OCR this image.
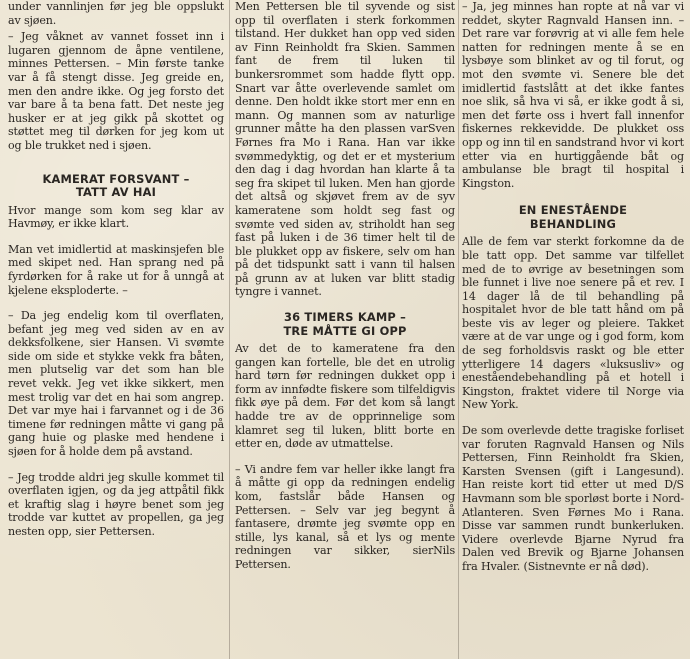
under vannlinjen før jeg ble oppslukt av sjøen.

– Jeg våknet av vannet fosset inn i lugaren gjennom de åpne ventilene, minnes Pettersen. – Min første tanke var å få stengt disse. Jeg greide en, men den andre ikke. Og jeg forsto det var bare å ta bena fatt. Det neste jeg husker er at jeg gikk på skottet og støttet meg til dørken for jeg kom ut og ble trukket ned i sjøen.

KAMERAT FORSVANT –
TATT AV HAI

Hvor mange som kom seg klar av Havmøy, er ikke klart.

Man vet imidlertid at maskinsjefen ble med skipet ned. Han sprang ned på fyrdørken for å rake ut for å unngå at kjelene eksploderte. –

– Da jeg endelig kom til overflaten, befant jeg meg ved siden av en av dekksfolkene, sier Hansen. Vi svømte side om side et stykke vekk fra båten, men plutselig var det som han ble revet vekk. Jeg vet ikke sikkert, men mest trolig var det en hai som angrep. Det var mye hai i farvannet og i de 36 timene før redningen måtte vi gang på gang huie og plaske med hendene i sjøen for å holde dem på avstand.

– Jeg trodde aldri jeg skulle kommet til overflaten igjen, og da jeg attpåtil fikk et kraftig slag i høyre benet som jeg trodde var kuttet av propellen, ga jeg nesten opp, sier Pettersen.

Men Pettersen ble til syvende og sist opp til overflaten i sterk forkommen tilstand. Her dukket han opp ved siden av Finn Reinholdt fra Skien. Sammen fant de frem til luken til bunkersrommet som hadde flytt opp. Snart var åtte overlevende samlet om denne. Den holdt ikke stort mer enn en mann. Og mannen som av naturlige grunner måtte ha den plassen varSven Førnes fra Mo i Rana. Han var ikke svømmedyktig, og det er et mysterium den dag i dag hvordan han klarte å ta seg fra skipet til luken. Men han gjorde det altså og skjøvet frem av de syv kameratene som holdt seg fast og svømte ved siden av, striholdt han seg fast på luken i de 36 timer helt til de ble plukket opp av fiskere, selv om han på det tidspunkt satt i vann til halsen på grunn av at luken var blitt stadig tyngre i vannet.

36 TIMERS KAMP –
TRE MÅTTE GI OPP

Av det de to kameratene fra den gangen kan fortelle, ble det en utrolig hard tørn før redningen dukket opp i form av innfødte fiskere som tilfeldigvis fikk øye på dem. Før det kom så langt hadde tre av de opprinnelige som klamret seg til luken, blitt borte en etter en, døde av utmattelse.

– Vi andre fem var heller ikke langt fra å måtte gi opp da redningen endelig kom, fastslår både Hansen og Pettersen. – Selv var jeg begynt å fantasere, drømte jeg svømte opp en stille, lys kanal, så et lys og mente redningen var sikker, sierNils Pettersen.

– Ja, jeg minnes han ropte at nå var vi reddet, skyter Ragnvald Hansen inn. – Det rare var forøvrig at vi alle fem hele natten for redningen mente å se en lysbøye som blinket av og til forut, og mot den svømte vi. Senere ble det imidlertid fastslått at det ikke fantes noe slik, så hva vi så, er ikke godt å si, men det førte oss i hvert fall innenfor fiskernes rekkevidde. De plukket oss opp og inn til en sandstrand hvor vi kort etter via en hurtiggående båt og ambulanse ble bragt til hospital i Kingston.

EN ENESTÅENDE
BEHANDLING

Alle de fem var sterkt forkomne da de ble tatt opp. Det samme var tilfellet med de to øvrige av besetningen som ble funnet i live noe senere på et rev. I 14 dager lå de til behandling på hospitalet hvor de ble tatt hånd om på beste vis av leger og pleiere. Takket være at de var unge og i god form, kom de seg forholdsvis raskt og ble etter ytterligere 14 dagers «luksusliv» og eneståendebehandling på et hotell i Kingston, fraktet videre til Norge via New York.

De som overlevde dette tragiske forliset var foruten Ragnvald Hansen og Nils Pettersen, Finn Reinholdt fra Skien, Karsten Svensen (gift i Langesund). Han reiste kort tid etter ut med D/S Havmann som ble sporløst borte i Nord-Atlanteren. Sven Førnes Mo i Rana. Disse var sammen rundt bunkerluken. Videre overlevde Bjarne Nyrud fra Dalen ved Brevik og Bjarne Johansen fra Hvaler. (Sistnevnte er nå død).
